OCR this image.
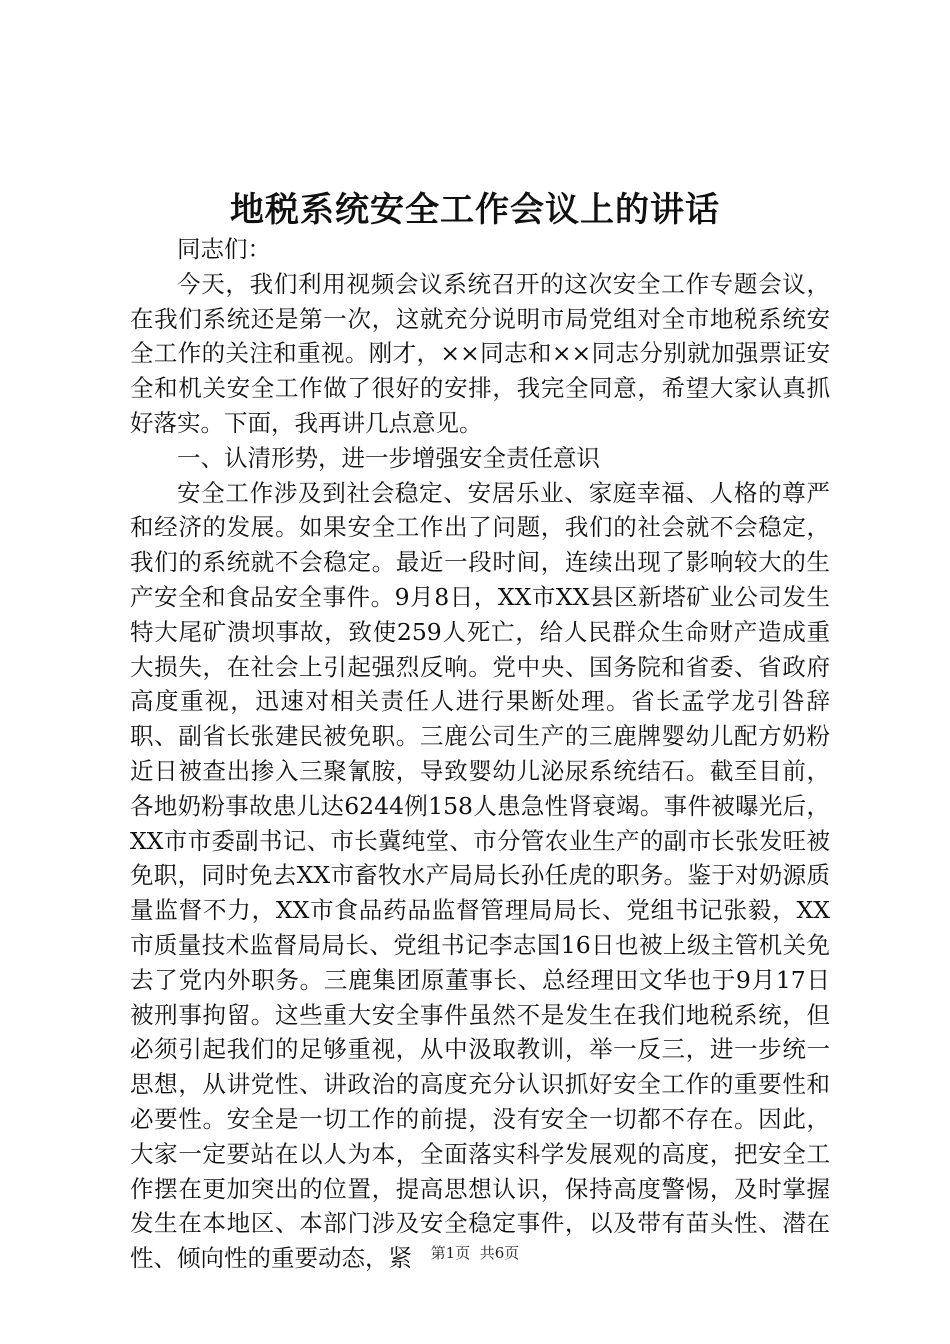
地税系统安全工作会议上的讲话

同志们：

今天，我们利用视频会议系统召开的这次安全工作专题会议，在我们系统还是第一次，这就充分说明市局党组对全市地税系统安全工作的关注和重视。刚才，××同志和××同志分别就加强票证安全和机关安全工作做了很好的安排，我完全同意，希望大家认真抓好落实。下面，我再讲几点意见。

一、认清形势，进一步增强安全责任意识

安全工作涉及到社会稳定、安居乐业、家庭幸福、人格的尊严和经济的发展。如果安全工作出了问题，我们的社会就不会稳定，我们的系统就不会稳定。最近一段时间，连续出现了影响较大的生产安全和食品安全事件。9月8日，XX市XX县区新塔矿业公司发生特大尾矿溃坝事故，致使259人死亡，给人民群众生命财产造成重大损失，在社会上引起强烈反响。党中央、国务院和省委、省政府高度重视，迅速对相关责任人进行果断处理。省长孟学龙引咎辞职、副省长张建民被免职。三鹿公司生产的三鹿牌婴幼儿配方奶粉近日被查出掺入三聚氰胺，导致婴幼儿泌尿系统结石。截至目前，各地奶粉事故患儿达6244例158人患急性肾衰竭。事件被曝光后，XX市市委副书记、市长冀纯堂、市分管农业生产的副市长张发旺被免职，同时免去XX市畜牧水产局局长孙任虎的职务。鉴于对奶源质量监督不力，XX市食品药品监督管理局局长、党组书记张毅，XX市质量技术监督局局长、党组书记李志国16日也被上级主管机关免去了党内外职务。三鹿集团原董事长、总经理田文华也于9月17日被刑事拘留。这些重大安全事件虽然不是发生在我们地税系统，但必须引起我们的足够重视，从中汲取教训，举一反三，进一步统一思想，从讲党性、讲政治的高度充分认识抓好安全工作的重要性和必要性。安全是一切工作的前提，没有安全一切都不存在。因此，大家一定要站在以人为本，全面落实科学发展观的高度，把安全工作摆在更加突出的位置，提高思想认识，保持高度警惕，及时掌握发生在本地区、本部门涉及安全稳定事件，以及带有苗头性、潜在性、倾向性的重要动态，紧	第1页 共6页
